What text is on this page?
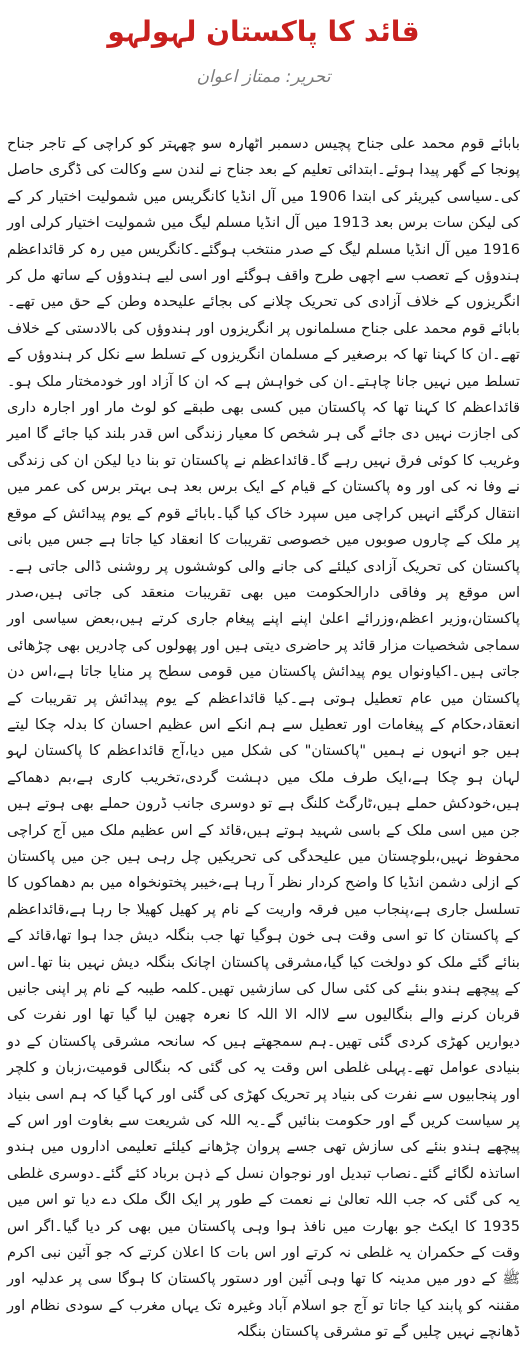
قائد کا پاکستان لہولہو
تحریر: ممتاز اعوان

بابائے قوم محمد علی جناح پچیس دسمبر اٹھارہ سو چھہتر کو کراچی کے تاجر جناح پونجا کے گھر پیدا ہوئے۔ابتدائی تعلیم کے بعد جناح نے لندن سے وکالت کی ڈگری حاصل کی۔سیاسی کیریئر کی ابتدا 1906 میں آل انڈیا کانگریس میں شمولیت اختیار کر کے کی لیکن سات برس بعد 1913 میں آل انڈیا مسلم لیگ میں شمولیت اختیار کرلی اور 1916 میں آل انڈیا مسلم لیگ کے صدر منتخب ہوگئے۔کانگریس میں رہ کر قائداعظم ہندوؤں کے تعصب سے اچھی طرح واقف ہوگئے اور اسی لیے ہندوؤں کے ساتھ مل کر انگریزوں کے خلاف آزادی کی تحریک چلانے کی بجائے علیحدہ وطن کے حق میں تھے۔بابائے قوم محمد علی جناح مسلمانوں پر انگریزوں اور ہندوؤں کی بالادستی کے خلاف تھے۔ان کا کہنا تھا کہ برصغیر کے مسلمان انگریزوں کے تسلط سے نکل کر ہندوؤں کے تسلط میں نہیں جانا چاہتے۔ان کی خواہش ہے کہ ان کا آزاد اور خودمختار ملک ہو۔قائداعظم کا کہنا تھا کہ پاکستان میں کسی بھی طبقے کو لوٹ مار اور اجارہ داری کی اجازت نہیں دی جائے گی ہر شخص کا معیار زندگی اس قدر بلند کیا جائے گا امیر وغریب کا کوئی فرق نہیں رہے گا۔قائداعظم نے پاکستان تو بنا دیا لیکن ان کی زندگی نے وفا نہ کی اور وہ پاکستان کے قیام کے ایک برس بعد ہی بہتر برس کی عمر میں انتقال کرگئے انہیں کراچی میں سپرد خاک کیا گیا۔بابائے قوم کے یوم پیدائش کے موقع پر ملک کے چاروں صوبوں میں خصوصی تقریبات کا انعقاد کیا جاتا ہے جس میں بانی پاکستان کی تحریک آزادی کیلئے کی جانے والی کوششوں پر روشنی ڈالی جاتی ہے۔اس موقع پر وفاقی دارالحکومت میں بھی تقریبات منعقد کی جاتی ہیں،صدر پاکستان،وزیر اعظم،وزرائے اعلیٰ اپنے اپنے پیغام جاری کرتے ہیں،بعض سیاسی اور سماجی شخصیات مزار قائد پر حاضری دیتی ہیں اور پھولوں کی چادریں بھی چڑھائی جاتی ہیں۔اکیاونواں یوم پیدائش پاکستان میں قومی سطح پر منایا جاتا ہے،اس دن پاکستان میں عام تعطیل ہوتی ہے۔کیا قائداعظم کے یوم پیدائش پر تقریبات کے انعقاد،حکام کے پیغامات اور تعطیل سے ہم انکے اس عظیم احسان کا بدلہ چکا لیتے ہیں جو انہوں نے ہمیں "پاکستان" کی شکل میں دیا،آج قائداعظم کا پاکستان لہو لہان ہو چکا ہے،ایک طرف ملک میں دہشت گردی،تخریب کاری ہے،بم دھماکے ہیں،خودکش حملے ہیں،ٹارگٹ کلنگ ہے تو دوسری جانب ڈرون حملے بھی ہوتے ہیں جن میں اسی ملک کے باسی شہید ہوتے ہیں،قائد کے اس عظیم ملک میں آج کراچی محفوظ نہیں،بلوچستان میں علیحدگی کی تحریکیں چل رہی ہیں جن میں پاکستان کے ازلی دشمن انڈیا کا واضح کردار نظر آ رہا ہے،خیبر پختونخواہ میں بم دھماکوں کا تسلسل جاری ہے،پنجاب میں فرقہ واریت کے نام پر کھیل کھیلا جا رہا ہے،قائداعظم کے پاکستان کا تو اسی وقت ہی خون ہوگیا تھا جب بنگلہ دیش جدا ہوا تھا،قائد کے بنائے گئے ملک کو دولخت کیا گیا،مشرقی پاکستان اچانک بنگلہ دیش نہیں بنا تھا۔اس کے پیچھے ہندو بنئے کی کئی سال کی سازشیں تھیں۔کلمہ طیبہ کے نام پر اپنی جانیں قربان کرنے والے بنگالیوں سے لاالہ الا اللہ کا نعرہ چھین لیا گیا تھا اور نفرت کی دیواریں کھڑی کردی گئی تھیں۔ہم سمجھتے ہیں کہ سانحہ مشرقی پاکستان کے دو بنیادی عوامل تھے۔پہلی غلطی اس وقت یہ کی گئی کہ بنگالی قومیت،زبان و کلچر اور پنجابیوں سے نفرت کی بنیاد پر تحریک کھڑی کی گئی اور کہا گیا کہ ہم اسی بنیاد پر سیاست کریں گے اور حکومت بنائیں گے۔یہ اللہ کی شریعت سے بغاوت اور اس کے پیچھے ہندو بنئے کی سازش تھی جسے پروان چڑھانے کیلئے تعلیمی اداروں میں ہندو اساتذہ لگائے گئے۔نصاب تبدیل اور نوجوان نسل کے ذہن برباد کئے گئے۔دوسری غلطی یہ کی گئی کہ جب اللہ تعالیٰ نے نعمت کے طور پر ایک الگ ملک دے دیا تو اس میں 1935 کا ایکٹ جو بھارت میں نافذ ہوا وہی پاکستان میں بھی کر دیا گیا۔اگر اس وقت کے حکمران یہ غلطی نہ کرتے اور اس بات کا اعلان کرتے کہ جو آئین نبی اکرم ﷺ کے دور میں مدینہ کا تھا وہی آئین اور دستور پاکستان کا ہوگا سی پر عدلیہ اور مقننہ کو پابند کیا جاتا تو آج جو اسلام آباد وغیرہ تک یہاں مغرب کے سودی نظام اور ڈھانچے نہیں چلیں گے تو مشرقی پاکستان بنگلہ
